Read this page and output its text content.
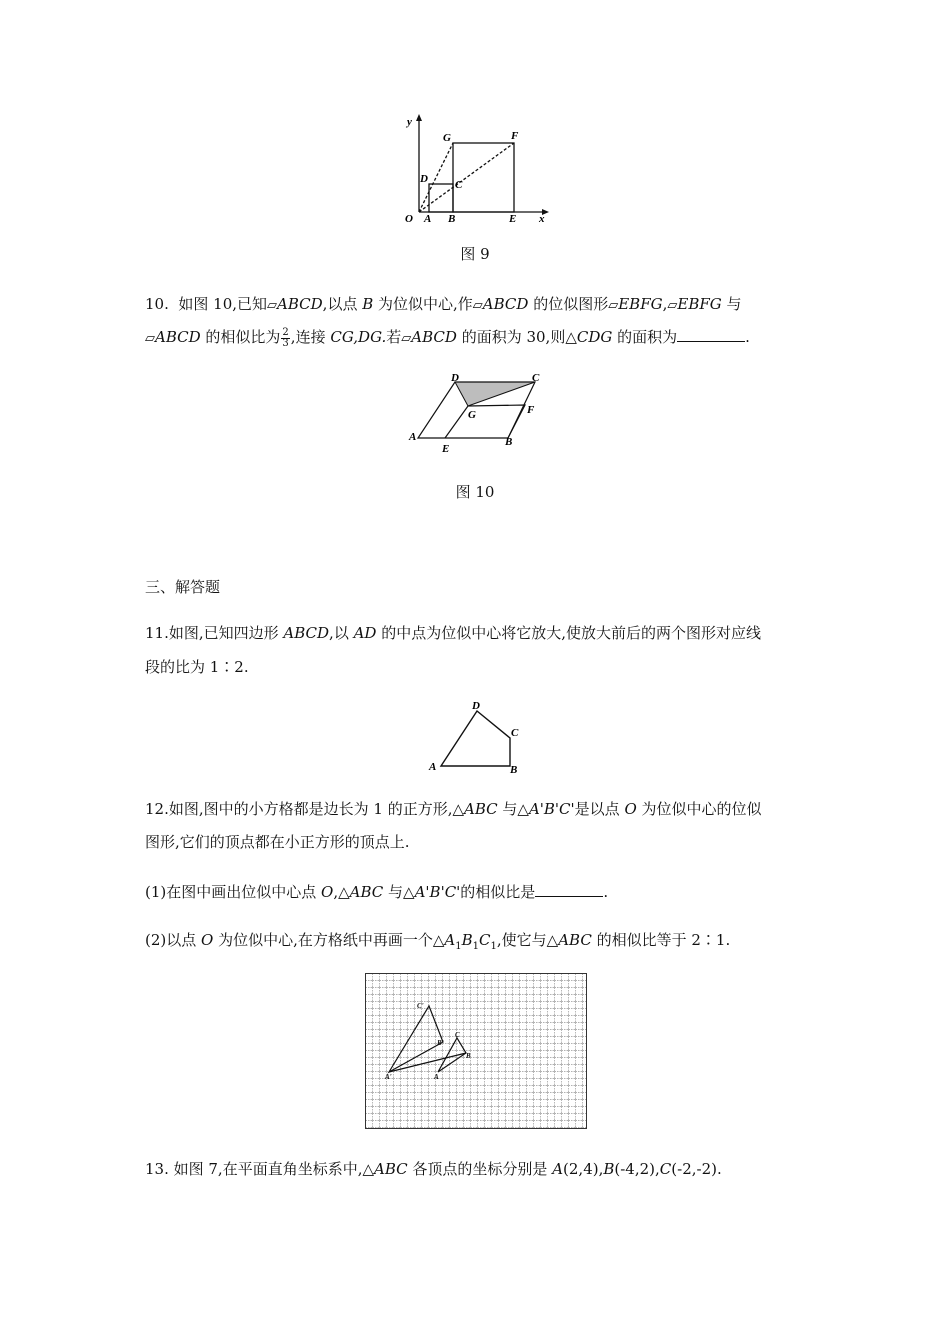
y
x
O A B	E
G	F
D C
图 9
10. 如图 10,已知▱ABCD,以点 B 为位似中心,作▱ABCD 的位似图形▱EBFG,▱EBFG 与
▱ABCD 的相似比为 $\frac{2}{3}$ ,连接 CG,DG.若▱ABCD 的面积为 30,则△CDG 的面积为	.
D	C
G	F
A
E
B
图 10
三、解答题
11.如图,已知四边形 ABCD,以 AD 的中点为位似中心将它放大,使放大前后的两个图形对应线
段的比为 1∶2.
D
C
A	B
12.如图,图中的小方格都是边长为 1 的正方形,△ABC 与△A'B'C'是以点 O 为位似中心的位似
图形,它们的顶点都在小正方形的顶点上.
(1)在图中画出位似中心点 O,△ABC 与△A'B'C'的相似比是	.
(2)以点 O 为位似中心,在方格纸中再画一个$\triangle A_1B_1C_1$,使它与△ABC 的相似比等于 2∶1.
C'
C
B'
B
A'	A
13. 如图 7,在平面直角坐标系中,△ABC 各顶点的坐标分别是 A(2,4),B(-4,2),C(-2,-2).
